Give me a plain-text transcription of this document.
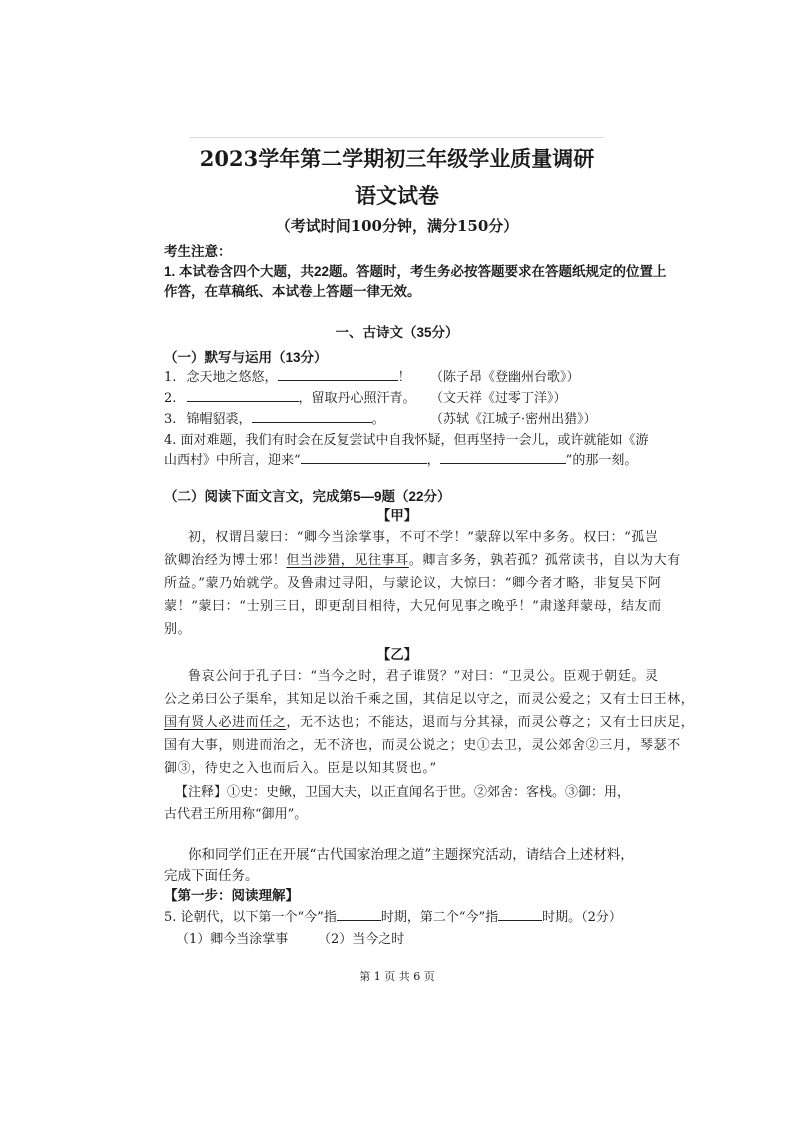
2023学年第二学期初三年级学业质量调研
语文试卷
（考试时间100分钟，满分150分）
考生注意：
1. 本试卷含四个大题，共22题。答题时，考生务必按答题要求在答题纸规定的位置上
作答，在草稿纸、本试卷上答题一律无效。
一、古诗文（35分）
（一）默写与运用（13分）
1. 念天地之悠悠，	！ （陈子昂《登幽州台歌》）
2.	，留取丹心照汗青。 （文天祥《过零丁洋》）
3. 锦帽貂裘，	。	（苏轼《江城子·密州出猎》）
4. 面对难题，我们有时会在反复尝试中自我怀疑，但再坚持一会儿，或许就能如《游
山西村》中所言，迎来“	，	”的那一刻。
（二）阅读下面文言文，完成第5—9题（22分）
【甲】
初，权谓吕蒙曰：“卿今当涂掌事，不可不学！”蒙辞以军中多务。权曰：“孤岂
欲卿治经为博士邪！但当涉猎，见往事耳。卿言多务，孰若孤？孤常读书，自以为大有
所益。”蒙乃始就学。及鲁肃过寻阳，与蒙论议，大惊曰：“卿今者才略，非复吴下阿
蒙！”蒙曰：“士别三日，即更刮目相待，大兄何见事之晚乎！”肃遂拜蒙母，结友而
别。
【乙】
鲁哀公问于孔子曰：“当今之时，君子谁贤？”对曰：“卫灵公。臣观于朝廷。灵
公之弟曰公子渠牟，其知足以治千乘之国，其信足以守之，而灵公爱之；又有士曰王林，
国有贤人必进而任之，无不达也；不能达，退而与分其禄，而灵公尊之；又有士曰庆足，
国有大事，则进而治之，无不济也，而灵公说之；史①去卫，灵公郊舍②三月，琴瑟不
御③，待史之入也而后入。臣是以知其贤也。”
【注释】①史：史鳅，卫国大夫，以正直闻名于世。②郊舍：客栈。③御：用，
古代君王所用称“御用”。
你和同学们正在开展“古代国家治理之道”主题探究活动，请结合上述材料，
完成下面任务。
【第一步：阅读理解】
5. 论朝代，以下第一个“今”指	时期，第二个“今”指	时期。（2分）
（1）卿今当涂掌事 （2）当今之时
第 1 页 共 6 页
